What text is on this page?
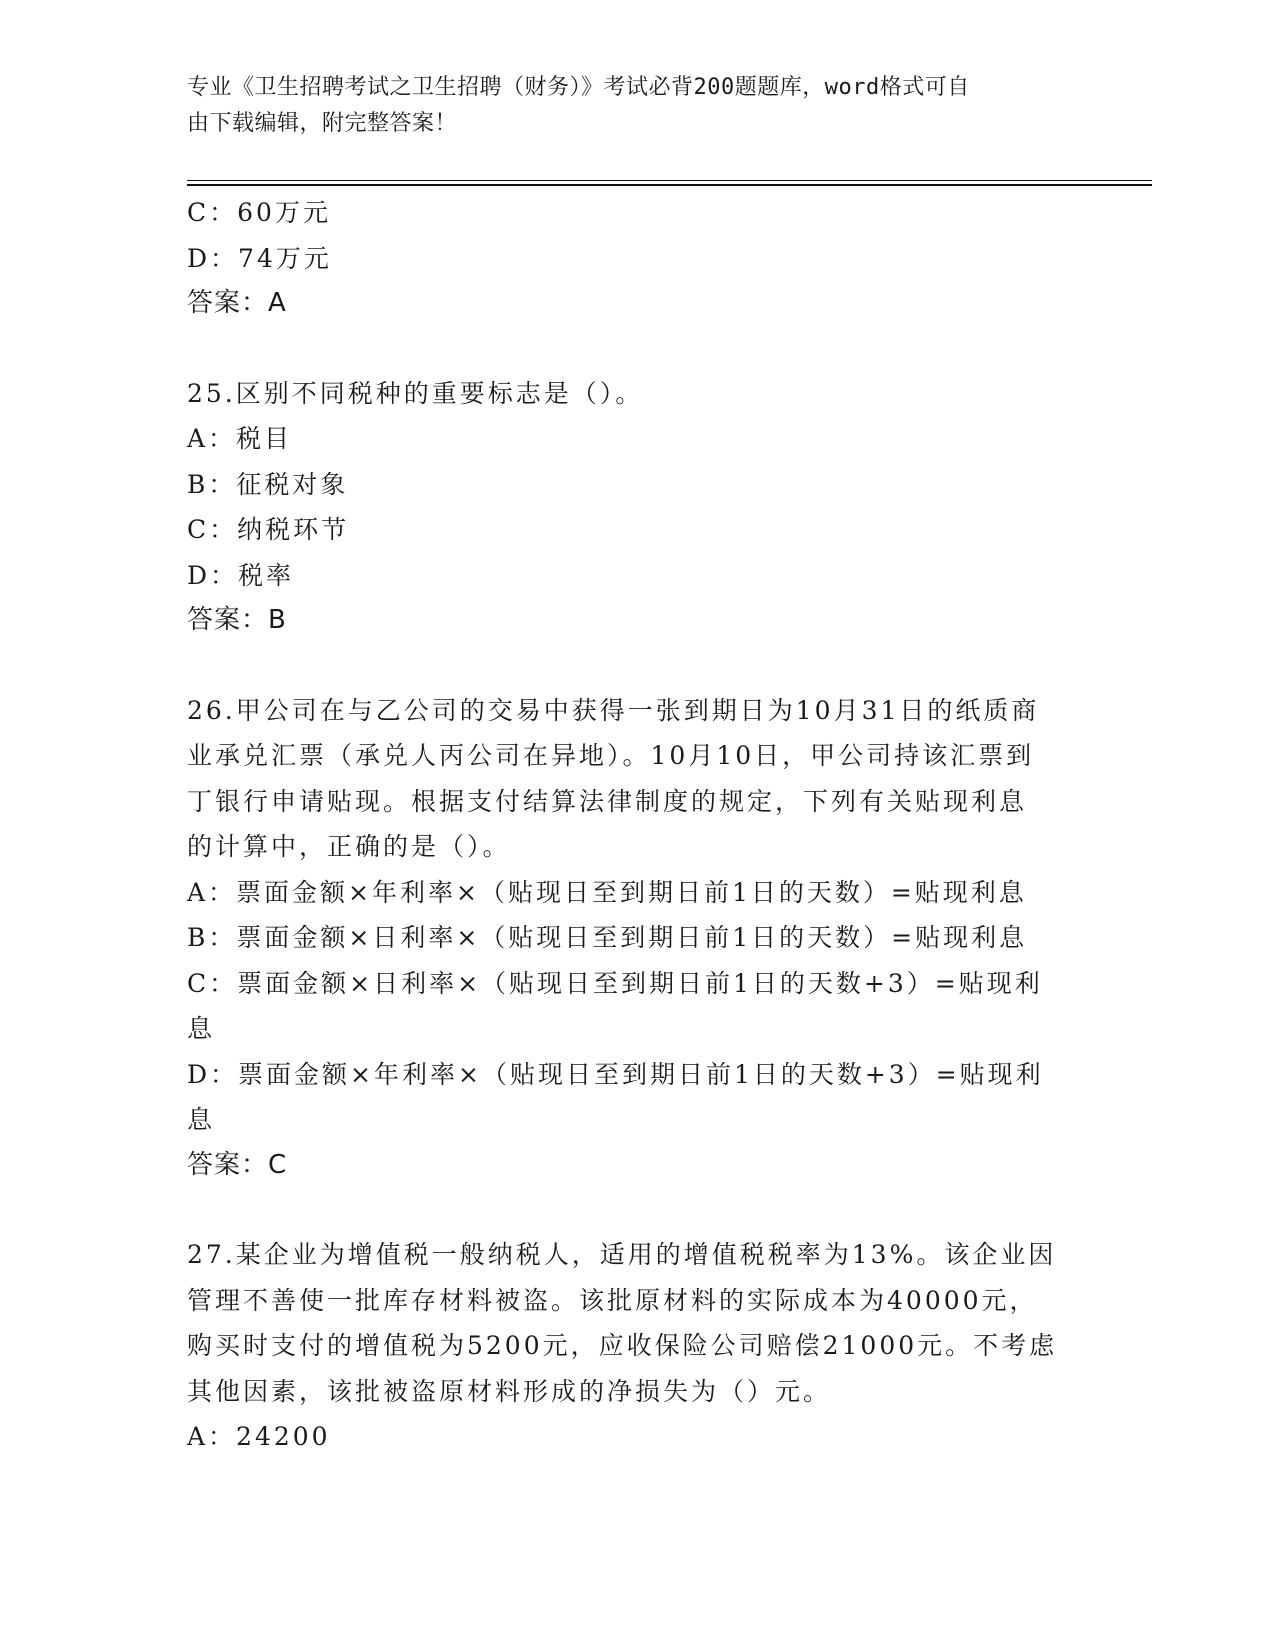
专业《卫生招聘考试之卫生招聘（财务）》考试必背200题题库，word格式可自
由下载编辑，附完整答案！
C：60万元
D：74万元
答案：A
25.区别不同税种的重要标志是（）。
A：税目
B：征税对象
C：纳税环节
D：税率
答案：B
26.甲公司在与乙公司的交易中获得一张到期日为10月31日的纸质商
业承兑汇票（承兑人丙公司在异地）。10月10日，甲公司持该汇票到
丁银行申请贴现。根据支付结算法律制度的规定，下列有关贴现利息
的计算中，正确的是（）。
A：票面金额×年利率×（贴现日至到期日前1日的天数）=贴现利息
B：票面金额×日利率×（贴现日至到期日前1日的天数）=贴现利息
C：票面金额×日利率×（贴现日至到期日前1日的天数+3）=贴现利
息
D：票面金额×年利率×（贴现日至到期日前1日的天数+3）=贴现利
息
答案：C
27.某企业为增值税一般纳税人，适用的增值税税率为13%。该企业因
管理不善使一批库存材料被盗。该批原材料的实际成本为40000元，
购买时支付的增值税为5200元，应收保险公司赔偿21000元。不考虑
其他因素，该批被盗原材料形成的净损失为（）元。
A：24200
